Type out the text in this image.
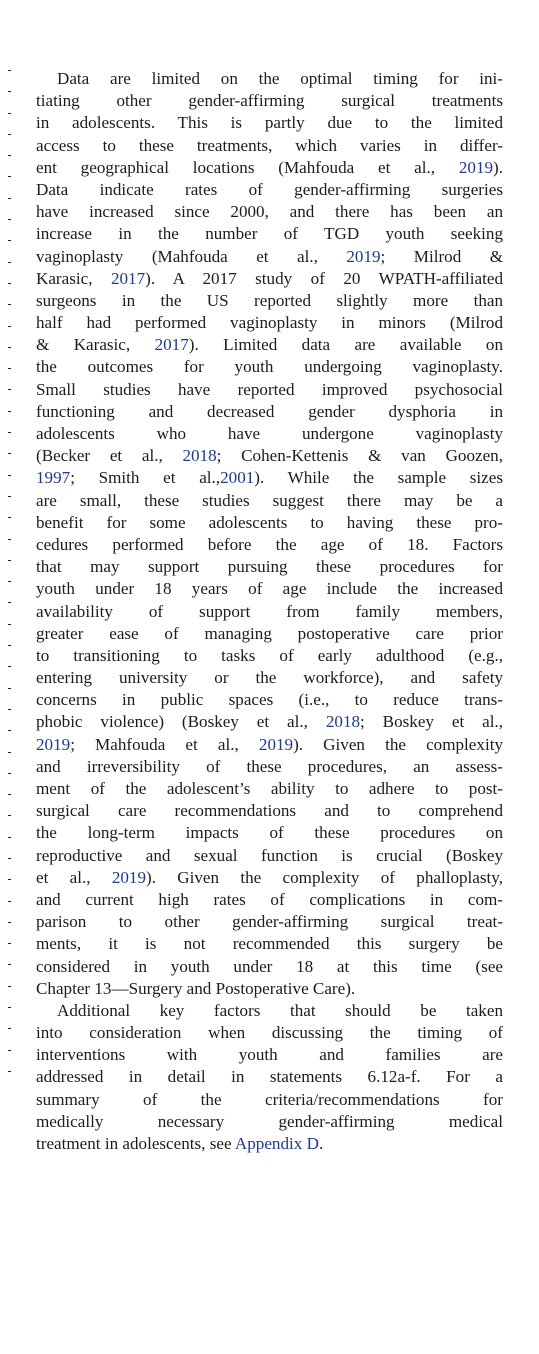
Data are limited on the optimal timing for ini-
tiating other gender-affirming surgical treatments
in adolescents. This is partly due to the limited
access to these treatments, which varies in differ-
ent geographical locations (Mahfouda et al., 2019).
Data indicate rates of gender-affirming surgeries
have increased since 2000, and there has been an
increase in the number of TGD youth seeking
vaginoplasty (Mahfouda et al., 2019; Milrod &
Karasic, 2017). A 2017 study of 20 WPATH-affiliated
surgeons in the US reported slightly more than
half had performed vaginoplasty in minors (Milrod
& Karasic, 2017). Limited data are available on
the outcomes for youth undergoing vaginoplasty.
Small studies have reported improved psychosocial
functioning and decreased gender dysphoria in
adolescents who have undergone vaginoplasty
(Becker et al., 2018; Cohen-Kettenis & van Goozen,
1997; Smith et al.,2001). While the sample sizes
are small, these studies suggest there may be a
benefit for some adolescents to having these pro-
cedures performed before the age of 18. Factors
that may support pursuing these procedures for
youth under 18 years of age include the increased
availability of support from family members,
greater ease of managing postoperative care prior
to transitioning to tasks of early adulthood (e.g.,
entering university or the workforce), and safety
concerns in public spaces (i.e., to reduce trans-
phobic violence) (Boskey et al., 2018; Boskey et al.,
2019; Mahfouda et al., 2019). Given the complexity
and irreversibility of these procedures, an assess-
ment of the adolescent’s ability to adhere to post-
surgical care recommendations and to comprehend
the long-term impacts of these procedures on
reproductive and sexual function is crucial (Boskey
et al., 2019). Given the complexity of phalloplasty,
and current high rates of complications in com-
parison to other gender-affirming surgical treat-
ments, it is not recommended this surgery be
considered in youth under 18 at this time (see
Chapter 13—Surgery and Postoperative Care).
Additional key factors that should be taken
into consideration when discussing the timing of
interventions with youth and families are
addressed in detail in statements 6.12a-f. For a
summary of the criteria/recommendations for
medically necessary gender-affirming medical
treatment in adolescents, see Appendix D.
